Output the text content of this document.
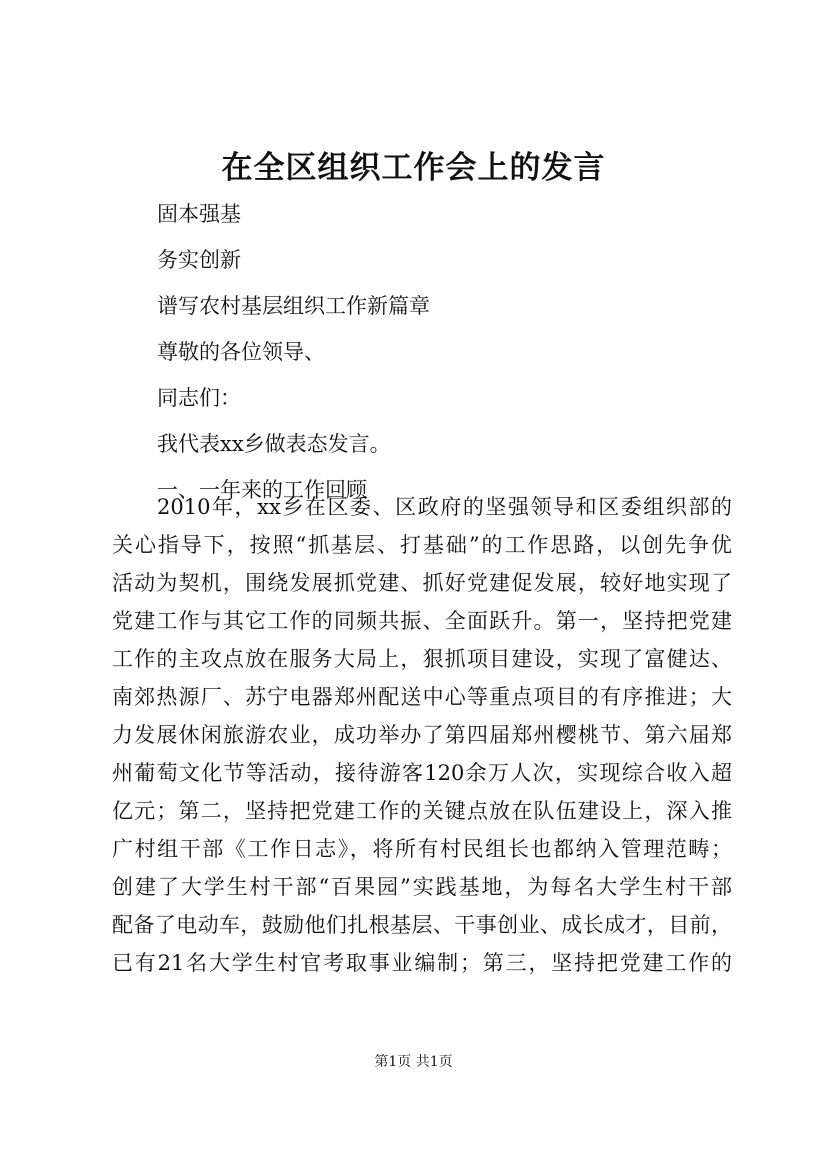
在全区组织工作会上的发言
固本强基
务实创新
谱写农村基层组织工作新篇章
尊敬的各位领导、
同志们：
我代表xx乡做表态发言。
一、一年来的工作回顾
2010年，xx乡在区委、区政府的坚强领导和区委组织部的
关心指导下，按照“抓基层、打基础”的工作思路，以创先争优
活动为契机，围绕发展抓党建、抓好党建促发展，较好地实现了
党建工作与其它工作的同频共振、全面跃升。第一，坚持把党建
工作的主攻点放在服务大局上，狠抓项目建设，实现了富健达、
南郊热源厂、苏宁电器郑州配送中心等重点项目的有序推进；大
力发展休闲旅游农业，成功举办了第四届郑州樱桃节、第六届郑
州葡萄文化节等活动，接待游客120余万人次，实现综合收入超
亿元；第二，坚持把党建工作的关键点放在队伍建设上，深入推
广村组干部《工作日志》，将所有村民组长也都纳入管理范畴；
创建了大学生村干部“百果园”实践基地，为每名大学生村干部
配备了电动车，鼓励他们扎根基层、干事创业、成长成才，目前，
已有21名大学生村官考取事业编制；第三，坚持把党建工作的
第1页 共1页
